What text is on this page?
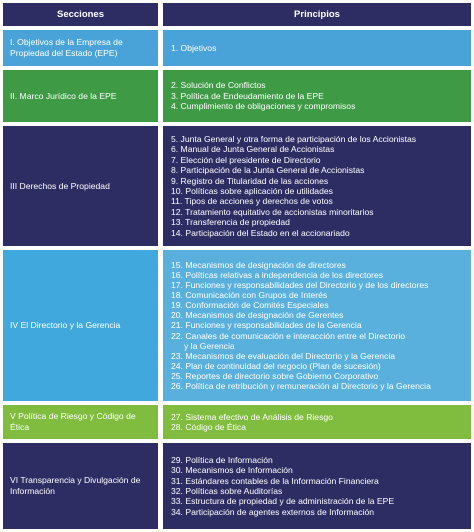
Secciones	Principios
I. Objetivos de la Empresa de Propiedad del Estado (EPE)
1. Objetivos
II. Marco Jurídico de la EPE
2. Solución de Conflictos
3. Política de Endeudamiento de la EPE
4. Cumplimiento de obligaciones y compromisos
III Derechos de Propiedad
5. Junta General y otra forma de participación de los Accionistas
6. Manual de Junta General de Accionistas
7. Elección del presidente de Directorio
8. Participación de la Junta General de Accionistas
9. Registro de Titularidad de las acciones
10. Políticas sobre aplicación de utilidades
11. Tipos de acciones y derechos de votos
12. Tratamiento equitativo de accionistas minoritarios
13. Transferencia de propiedad
14. Participación del Estado en el accionariado
IV El Directorio y la Gerencia
15. Mecanismos de designación de directores
16. Políticas relativas a independencia de los directores
17. Funciones y responsabilidades del Directorio y de los directores
18. Comunicación con Grupos de Interés
19. Conformación de Comités Especiales
20. Mecanismos de designación de Gerentes
21. Funciones y responsabilidades de la Gerencia
22. Canales de comunicación e interacción entre el Directorio
y la Gerencia
23. Mecanismos de evaluación del Directorio y la Gerencia
24. Plan de continuidad del negocio (Plan de sucesión)
25. Reportes de directorio sobre Gobierno Corporativo
26. Política de retribución y remuneración al Directorio y la Gerencia
V Política de Riesgo y Código de Ética
27. Sistema efectivo de Análisis de Riesgo
28. Código de Ética
VI Transparencia y Divulgación de Información
29. Política de Información
30. Mecanismos de Información
31. Estándares contables de la Información Financiera
32. Políticas sobre Auditorías
33. Estructura de propiedad y de administración de la EPE
34. Participación de agentes externos de Información
